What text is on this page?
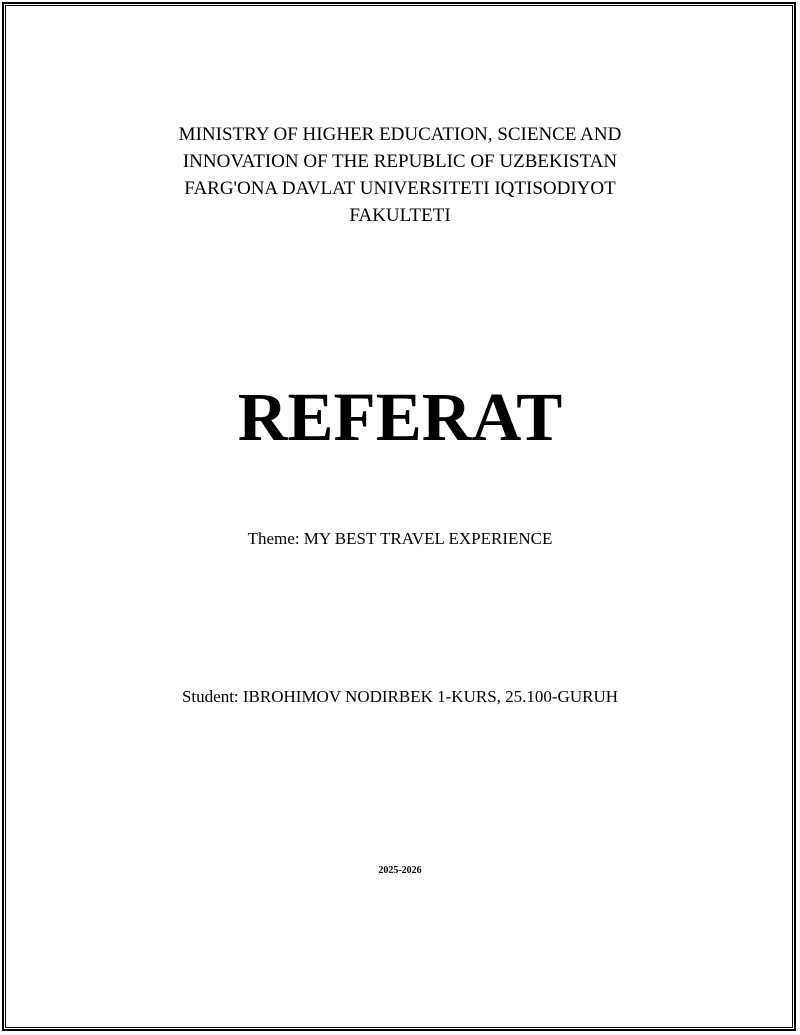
MINISTRY OF HIGHER EDUCATION, SCIENCE AND
INNOVATION OF THE REPUBLIC OF UZBEKISTAN
FARG'ONA DAVLAT UNIVERSITETI IQTISODIYOT
FAKULTETI
REFERAT
Theme: MY BEST TRAVEL EXPERIENCE
Student: IBROHIMOV NODIRBEK 1-KURS, 25.100-GURUH
2025-2026
